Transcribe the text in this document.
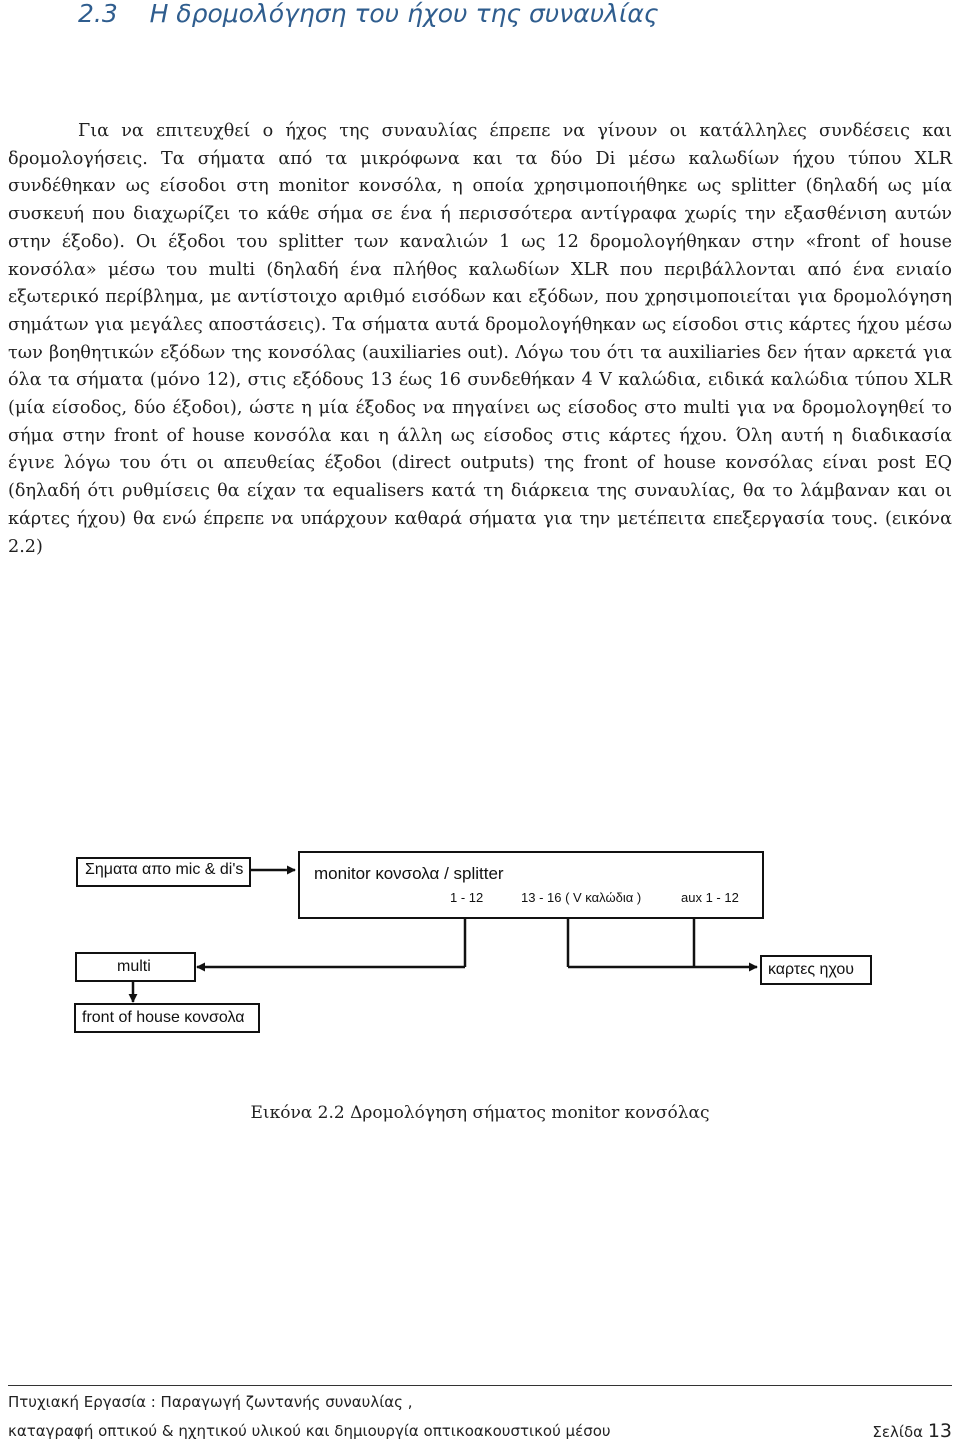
2.3 Η δρομολόγηση του ήχου της συναυλίας

Για να επιτευχθεί ο ήχος της συναυλίας έπρεπε να γίνουν οι κατάλληλες συνδέσεις και δρομολογήσεις. Τα σήματα από τα μικρόφωνα και τα δύο Di μέσω καλωδίων ήχου τύπου XLR συνδέθηκαν ως είσοδοι στη monitor κονσόλα, η οποία χρησιμοποιήθηκε ως splitter (δηλαδή ως μία συσκευή που διαχωρίζει το κάθε σήμα σε ένα ή περισσότερα αντίγραφα χωρίς την εξασθένιση αυτών στην έξοδο). Οι έξοδοι του splitter των καναλιών 1 ως 12 δρομολογήθηκαν στην «front of house κονσόλα» μέσω του multi (δηλαδή ένα πλήθος καλωδίων XLR που περιβάλλονται από ένα ενιαίο εξωτερικό περίβλημα, με αντίστοιχο αριθμό εισόδων και εξόδων, που χρησιμοποιείται για δρομολόγηση σημάτων για μεγάλες αποστάσεις). Τα σήματα αυτά δρομολογήθηκαν ως είσοδοι στις κάρτες ήχου μέσω των βοηθητικών εξόδων της κονσόλας (auxiliaries out). Λόγω του ότι τα auxiliaries δεν ήταν αρκετά για όλα τα σήματα (μόνο 12), στις εξόδους 13 έως 16 συνδεθήκαν 4 V καλώδια, ειδικά καλώδια τύπου XLR (μία είσοδος, δύο έξοδοι), ώστε η μία έξοδος να πηγαίνει ως είσοδος στο multi για να δρομολογηθεί το σήμα στην front of house κονσόλα και η άλλη ως είσοδος στις κάρτες ήχου. Όλη αυτή η διαδικασία έγινε λόγω του ότι οι απευθείας έξοδοι (direct outputs) της front of house κονσόλας είναι post EQ (δηλαδή ότι ρυθμίσεις θα είχαν τα equalisers κατά τη διάρκεια της συναυλίας, θα το λάμβαναν και οι κάρτες ήχου) θα ενώ έπρεπε να υπάρχουν καθαρά σήματα για την μετέπειτα επεξεργασία τους. (εικόνα 2.2)

Σηματα απο mic & di's	monitor κονσολα / splitter
1 - 12	13 - 16 ( V καλώδια )	aux 1 - 12
multi
front of house κονσολα
καρτες ηχου
Εικόνα 2.2 Δρομολόγηση σήματος monitor κονσόλας
Πτυχιακή Εργασία : Παραγωγή ζωντανής συναυλίας ,
καταγραφή οπτικού & ηχητικού υλικού και δημιουργία οπτικοακουστικού μέσου	Σελίδα 13
